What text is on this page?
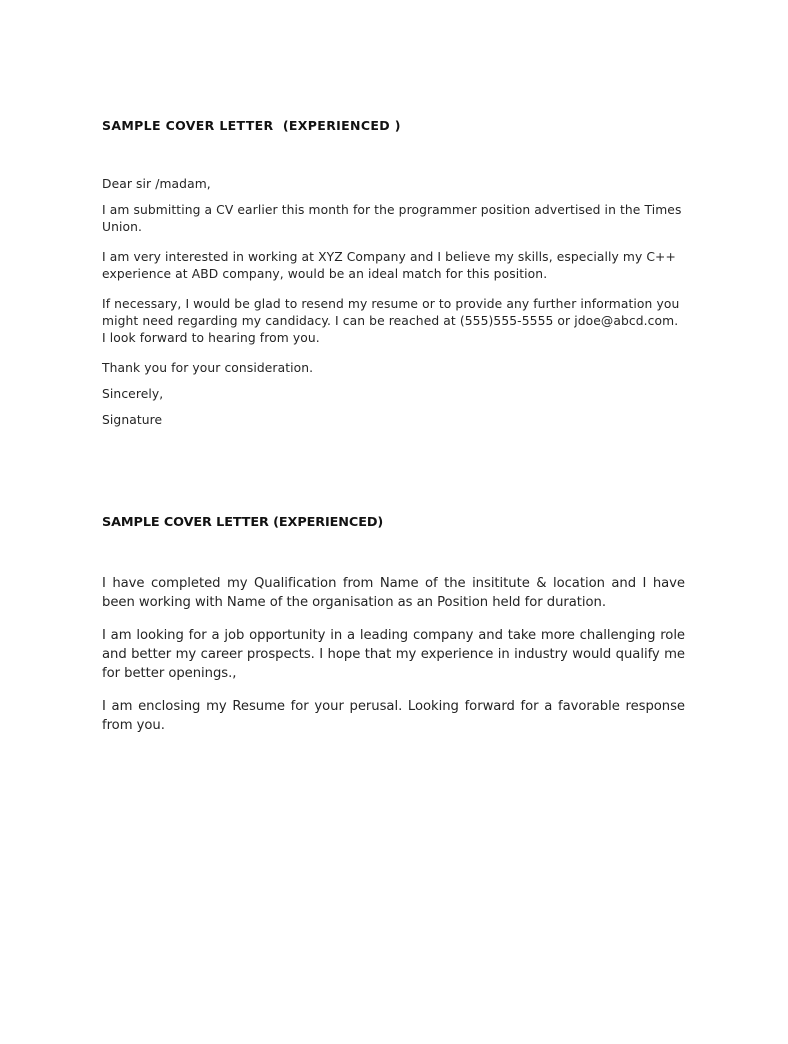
SAMPLE COVER LETTER  (EXPERIENCED )

Dear sir /madam,

I am submitting a CV earlier this month for the programmer position advertised in the Times Union.

I am very interested in working at XYZ Company and I believe my skills, especially my C++ experience at ABD company, would be an ideal match for this position.

If necessary, I would be glad to resend my resume or to provide any further information you might need regarding my candidacy. I can be reached at (555)555-5555 or jdoe@abcd.com. I look forward to hearing from you.

Thank you for your consideration.

Sincerely,

Signature

SAMPLE COVER LETTER (EXPERIENCED)

I have completed my Qualification from Name of the insititute & location and I have been working with Name of the organisation as an Position held for duration.

I am looking for a job opportunity in a leading company and take more challenging role and better my career prospects. I hope that my experience in industry would qualify me for better openings.,

I am enclosing my Resume for your perusal. Looking forward for a favorable response from you.
